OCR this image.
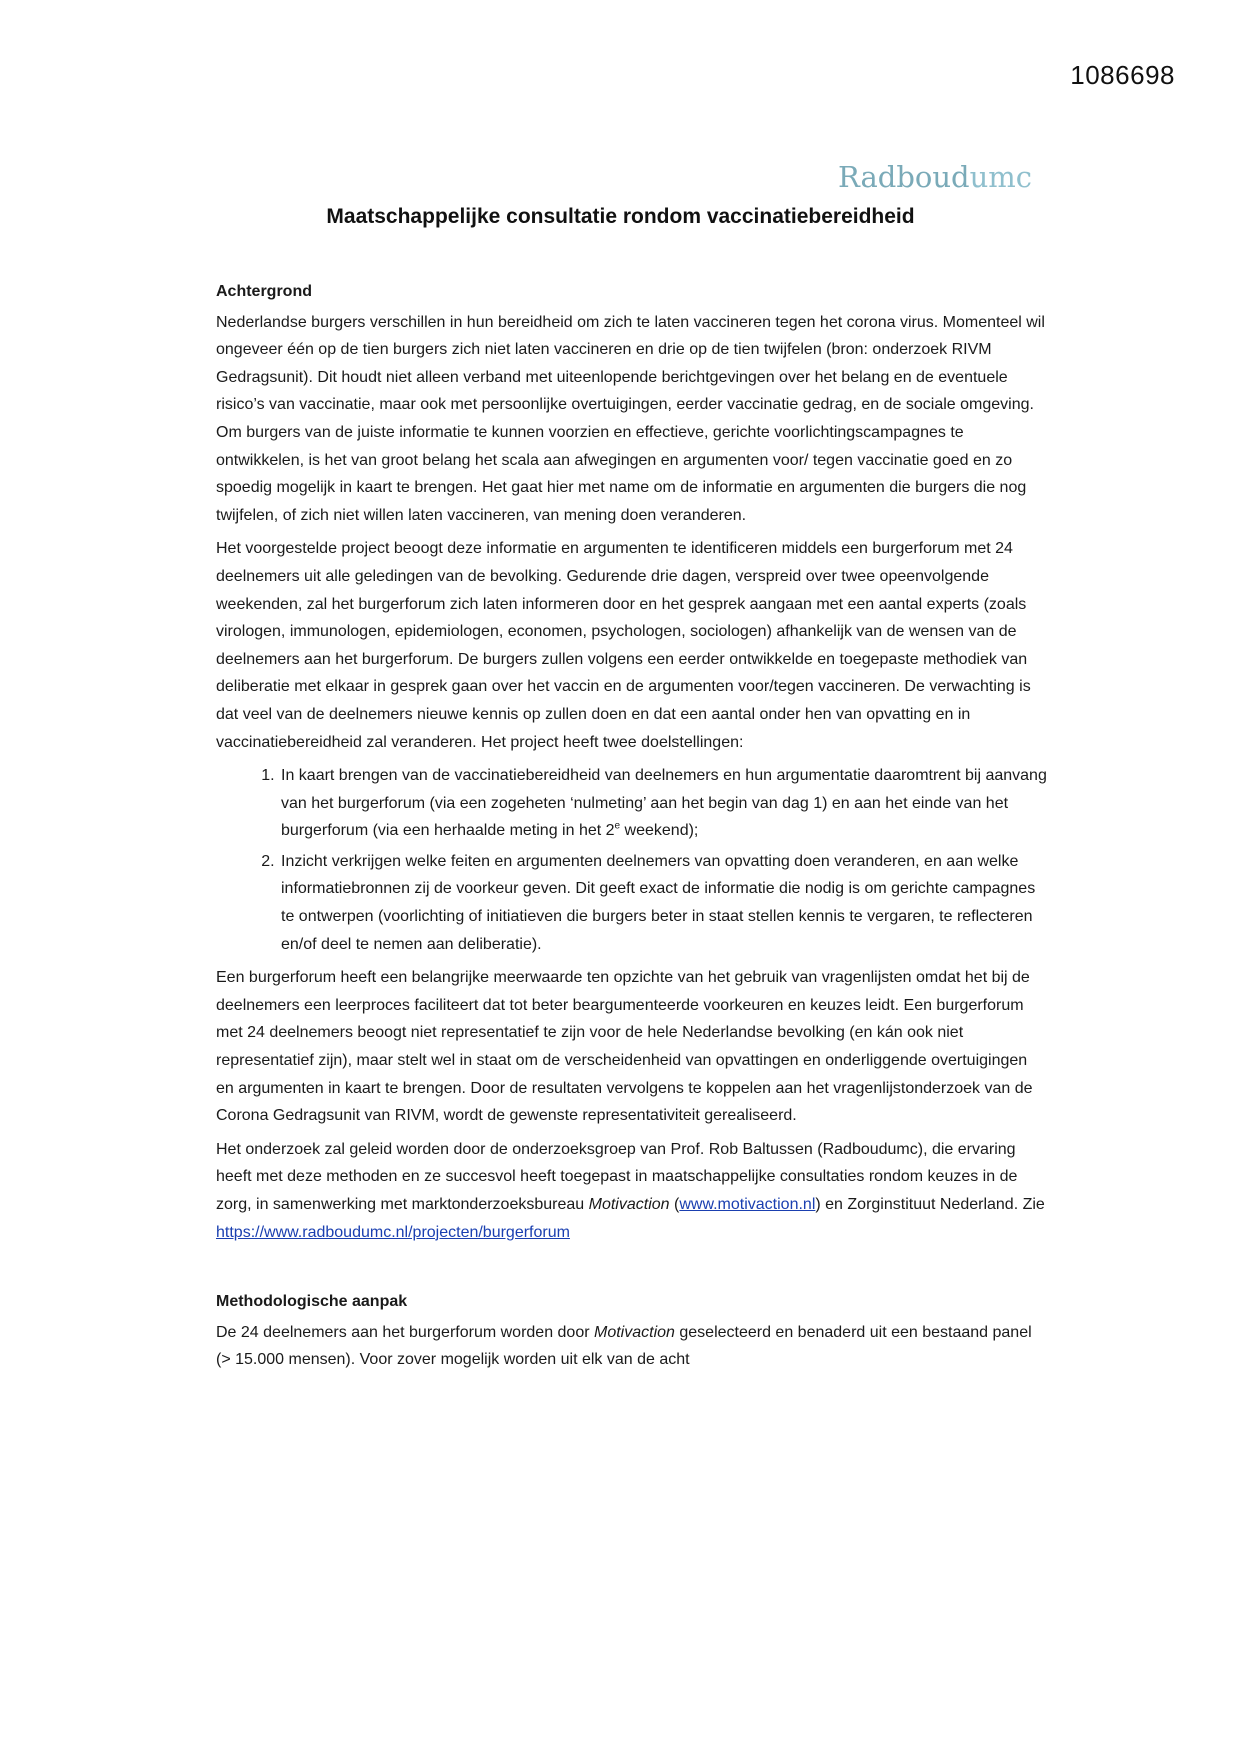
1086698
Radboudumc
Maatschappelijke consultatie rondom vaccinatiebereidheid
Achtergrond

Nederlandse burgers verschillen in hun bereidheid om zich te laten vaccineren tegen het corona virus. Momenteel wil ongeveer één op de tien burgers zich niet laten vaccineren en drie op de tien twijfelen (bron: onderzoek RIVM Gedragsunit). Dit houdt niet alleen verband met uiteenlopende berichtgevingen over het belang en de eventuele risico’s van vaccinatie, maar ook met persoonlijke overtuigingen, eerder vaccinatie gedrag, en de sociale omgeving. Om burgers van de juiste informatie te kunnen voorzien en effectieve, gerichte voorlichtingscampagnes te ontwikkelen, is het van groot belang het scala aan afwegingen en argumenten voor/ tegen vaccinatie goed en zo spoedig mogelijk in kaart te brengen. Het gaat hier met name om de informatie en argumenten die burgers die nog twijfelen, of zich niet willen laten vaccineren, van mening doen veranderen.

Het voorgestelde project beoogt deze informatie en argumenten te identificeren middels een burgerforum met 24 deelnemers uit alle geledingen van de bevolking. Gedurende drie dagen, verspreid over twee opeenvolgende weekenden, zal het burgerforum zich laten informeren door en het gesprek aangaan met een aantal experts (zoals virologen, immunologen, epidemiologen, economen, psychologen, sociologen) afhankelijk van de wensen van de deelnemers aan het burgerforum. De burgers zullen volgens een eerder ontwikkelde en toegepaste methodiek van deliberatie met elkaar in gesprek gaan over het vaccin en de argumenten voor/tegen vaccineren. De verwachting is dat veel van de deelnemers nieuwe kennis op zullen doen en dat een aantal onder hen van opvatting en in vaccinatiebereidheid zal veranderen. Het project heeft twee doelstellingen:

1. In kaart brengen van de vaccinatiebereidheid van deelnemers en hun argumentatie daaromtrent bij aanvang van het burgerforum (via een zogeheten ‘nulmeting’ aan het begin van dag 1) en aan het einde van het burgerforum (via een herhaalde meting in het 2e weekend);
2. Inzicht verkrijgen welke feiten en argumenten deelnemers van opvatting doen veranderen, en aan welke informatiebronnen zij de voorkeur geven. Dit geeft exact de informatie die nodig is om gerichte campagnes te ontwerpen (voorlichting of initiatieven die burgers beter in staat stellen kennis te vergaren, te reflecteren en/of deel te nemen aan deliberatie).

Een burgerforum heeft een belangrijke meerwaarde ten opzichte van het gebruik van vragenlijsten omdat het bij de deelnemers een leerproces faciliteert dat tot beter beargumenteerde voorkeuren en keuzes leidt. Een burgerforum met 24 deelnemers beoogt niet representatief te zijn voor de hele Nederlandse bevolking (en kán ook niet representatief zijn), maar stelt wel in staat om de verscheidenheid van opvattingen en onderliggende overtuigingen en argumenten in kaart te brengen. Door de resultaten vervolgens te koppelen aan het vragenlijstonderzoek van de Corona Gedragsunit van RIVM, wordt de gewenste representativiteit gerealiseerd.

Het onderzoek zal geleid worden door de onderzoeksgroep van Prof. Rob Baltussen (Radboudumc), die ervaring heeft met deze methoden en ze succesvol heeft toegepast in maatschappelijke consultaties rondom keuzes in de zorg, in samenwerking met marktonderzoeksbureau Motivaction (www.motivaction.nl) en Zorginstituut Nederland. Zie
https://www.radboudumc.nl/projecten/burgerforum

Methodologische aanpak

De 24 deelnemers aan het burgerforum worden door Motivaction geselecteerd en benaderd uit een bestaand panel (> 15.000 mensen). Voor zover mogelijk worden uit elk van de acht
